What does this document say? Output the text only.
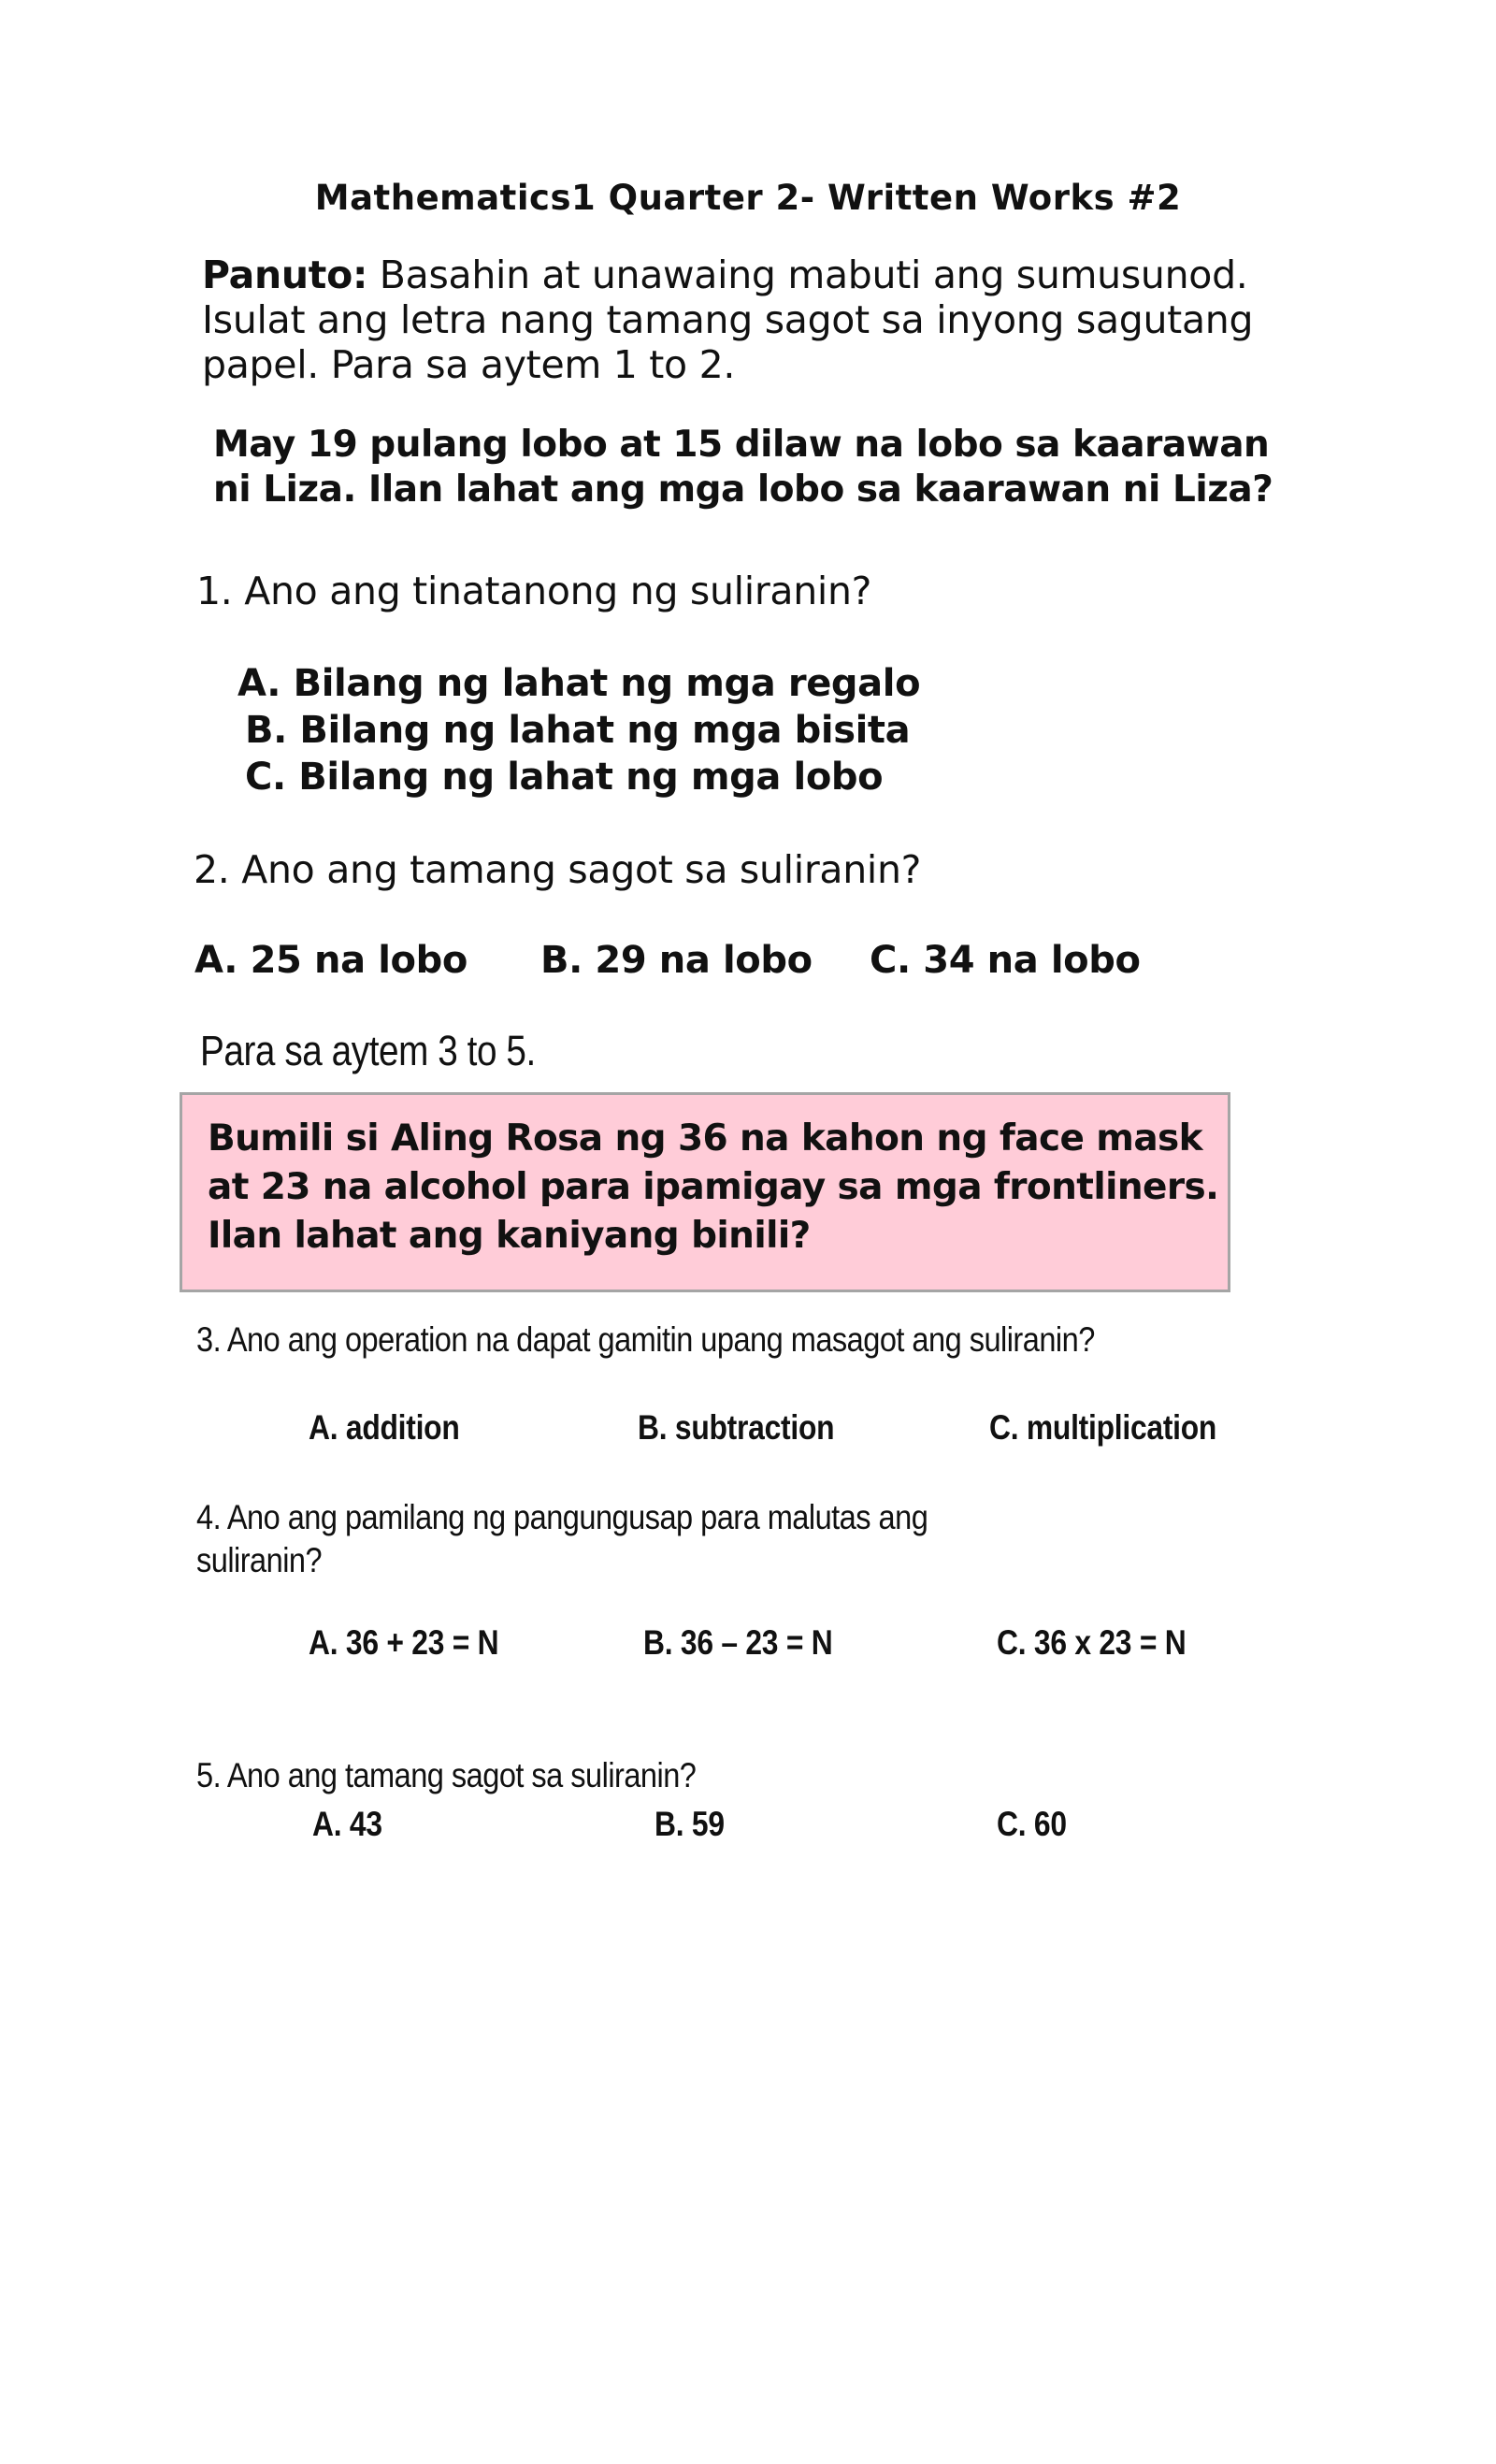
Mathematics1 Quarter 2- Written Works #2

Panuto: Basahin at unawaing mabuti ang sumusunod. Isulat ang letra nang tamang sagot sa inyong sagutang papel. Para sa aytem 1 to 2.

May 19 pulang lobo at 15 dilaw na lobo sa kaarawan ni Liza. Ilan lahat ang mga lobo sa kaarawan ni Liza?

1. Ano ang tinatanong ng suliranin?
A. Bilang ng lahat ng mga regalo
B. Bilang ng lahat ng mga bisita
C. Bilang ng lahat ng mga lobo
2. Ano ang tamang sagot sa suliranin?
A. 25 na lobo B. 29 na lobo C. 34 na lobo
Para sa aytem 3 to 5.

Bumili si Aling Rosa ng 36 na kahon ng face mask at 23 na alcohol para ipamigay sa mga frontliners. Ilan lahat ang kaniyang binili?

3. Ano ang operation na dapat gamitin upang masagot ang suliranin?
A. addition	B. subtraction	C. multiplication
4. Ano ang pamilang ng pangungusap para malutas ang
suliranin?
A. 36 + 23 = N	B. 36 – 23 = N	C. 36 x 23 = N
5. Ano ang tamang sagot sa suliranin?
A. 43	B. 59	C. 60
